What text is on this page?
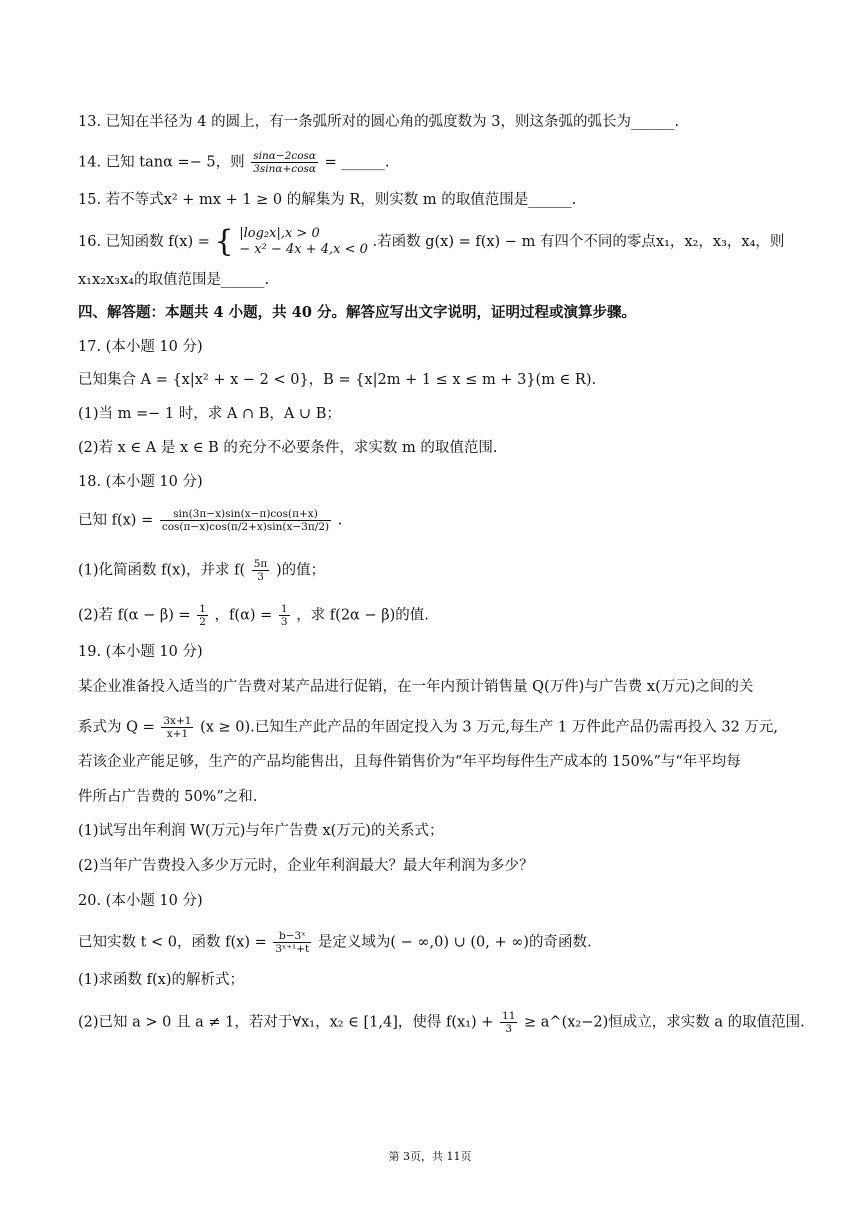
13. 已知在半径为 4 的圆上，有一条弧所对的圆心角的弧度数为 3，则这条弧的弧长为______.
14. 已知 tanα =− 5，则 $\frac{\sin\alpha-2\cos\alpha}{3\sin\alpha+\cos\alpha}$ = ______.
15. 若不等式x² + mx + 1 ≥ 0 的解集为 R，则实数 m 的取值范围是______.
16. 已知函数 f(x) = { |log₂x|,x > 0
− x² − 4x + 4,x < 0 .若函数 g(x) = f(x) − m 有四个不同的零点x₁，x₂，x₃，x₄，则
x₁x₂x₃x₄的取值范围是______.
四、解答题：本题共 4 小题，共 40 分。解答应写出文字说明，证明过程或演算步骤。
17. (本小题 10 分)
已知集合 A = {x|x² + x − 2 < 0}，B = {x|2m + 1 ≤ x ≤ m + 3}(m ∈ R).
(1)当 m =− 1 时，求 A ∩ B，A ∪ B；
(2)若 x ∈ A 是 x ∈ B 的充分不必要条件，求实数 m 的取值范围.
18. (本小题 10 分)
已知 $f(x) = \frac{\sin(3\pi-x)\sin(x-\pi)\cos(\pi+x)}{\cos(\pi-x)\cos(\pi/2+x)\sin(x-3\pi/2)}$ .
(1)化简函数 f(x)，并求 $f( \frac{5\pi}{3}$ )的值；
(2)若 $f(\alpha - \beta) = \frac{1}{2}$ ，$f(\alpha) = \frac{1}{3}$ ，求 f(2α − β)的值.
19. (本小题 10 分)
某企业准备投入适当的广告费对某产品进行促销，在一年内预计销售量 Q(万件)与广告费 x(万元)之间的关
系式为 $Q = \frac{3x+1}{x+1} (x \ge 0)$.已知生产此产品的年固定投入为 3 万元,每生产 1 万件此产品仍需再投入 32 万元,
若该企业产能足够，生产的产品均能售出，且每件销售价为“年平均每件生产成本的 150%”与“年平均每
件所占广告费的 50%”之和.
(1)试写出年利润 W(万元)与年广告费 x(万元)的关系式；
(2)当年广告费投入多少万元时，企业年利润最大？最大年利润为多少？
20. (本小题 10 分)
已知实数 t < 0，函数 $f(x) = \frac{\text{b−3ˣ}}{\text{3ˣ⁺¹+t}}$ 是定义域为( − ∞,0) ∪ (0, + ∞)的奇函数.
(1)求函数 f(x)的解析式；
(2)已知 a > 0 且 a ≠ 1，若对于∀x₁，x₂ ∈ [1,4]，使得 $f(x_1) + \frac{11}{3}$ ≥ a^(x₂−2)恒成立，求实数 a 的取值范围.
第 3页，共 11页
